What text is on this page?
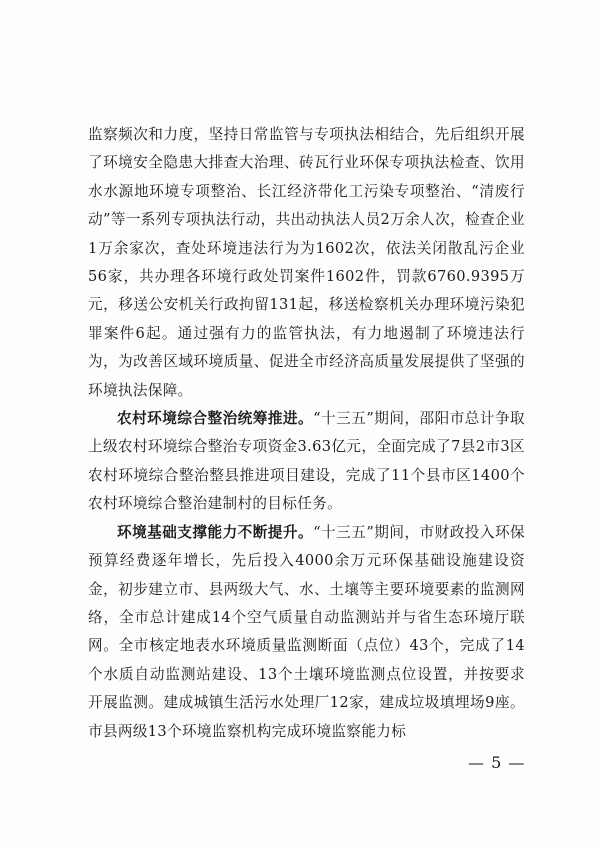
监察频次和力度，坚持日常监管与专项执法相结合，先后组织开展了环境安全隐患大排查大治理、砖瓦行业环保专项执法检查、饮用水水源地环境专项整治、长江经济带化工污染专项整治、“清废行动”等一系列专项执法行动，共出动执法人员2万余人次，检查企业1万余家次，查处环境违法行为为1602次，依法关闭散乱污企业56家，共办理各环境行政处罚案件1602件，罚款6760.9395万元，移送公安机关行政拘留131起，移送检察机关办理环境污染犯罪案件6起。通过强有力的监管执法，有力地遏制了环境违法行为，为改善区域环境质量、促进全市经济高质量发展提供了坚强的环境执法保障。

农村环境综合整治统筹推进。“十三五”期间，邵阳市总计争取上级农村环境综合整治专项资金3.63亿元，全面完成了7县2市3区农村环境综合整治整县推进项目建设，完成了11个县市区1400个农村环境综合整治建制村的目标任务。

环境基础支撑能力不断提升。“十三五”期间，市财政投入环保预算经费逐年增长，先后投入4000余万元环保基础设施建设资金，初步建立市、县两级大气、水、土壤等主要环境要素的监测网络，全市总计建成14个空气质量自动监测站并与省生态环境厅联网。全市核定地表水环境质量监测断面（点位）43个，完成了14个水质自动监测站建设、13个土壤环境监测点位设置，并按要求开展监测。建成城镇生活污水处理厂12家，建成垃圾填埋场9座。市县两级13个环境监察机构完成环境监察能力标

— 5 —
